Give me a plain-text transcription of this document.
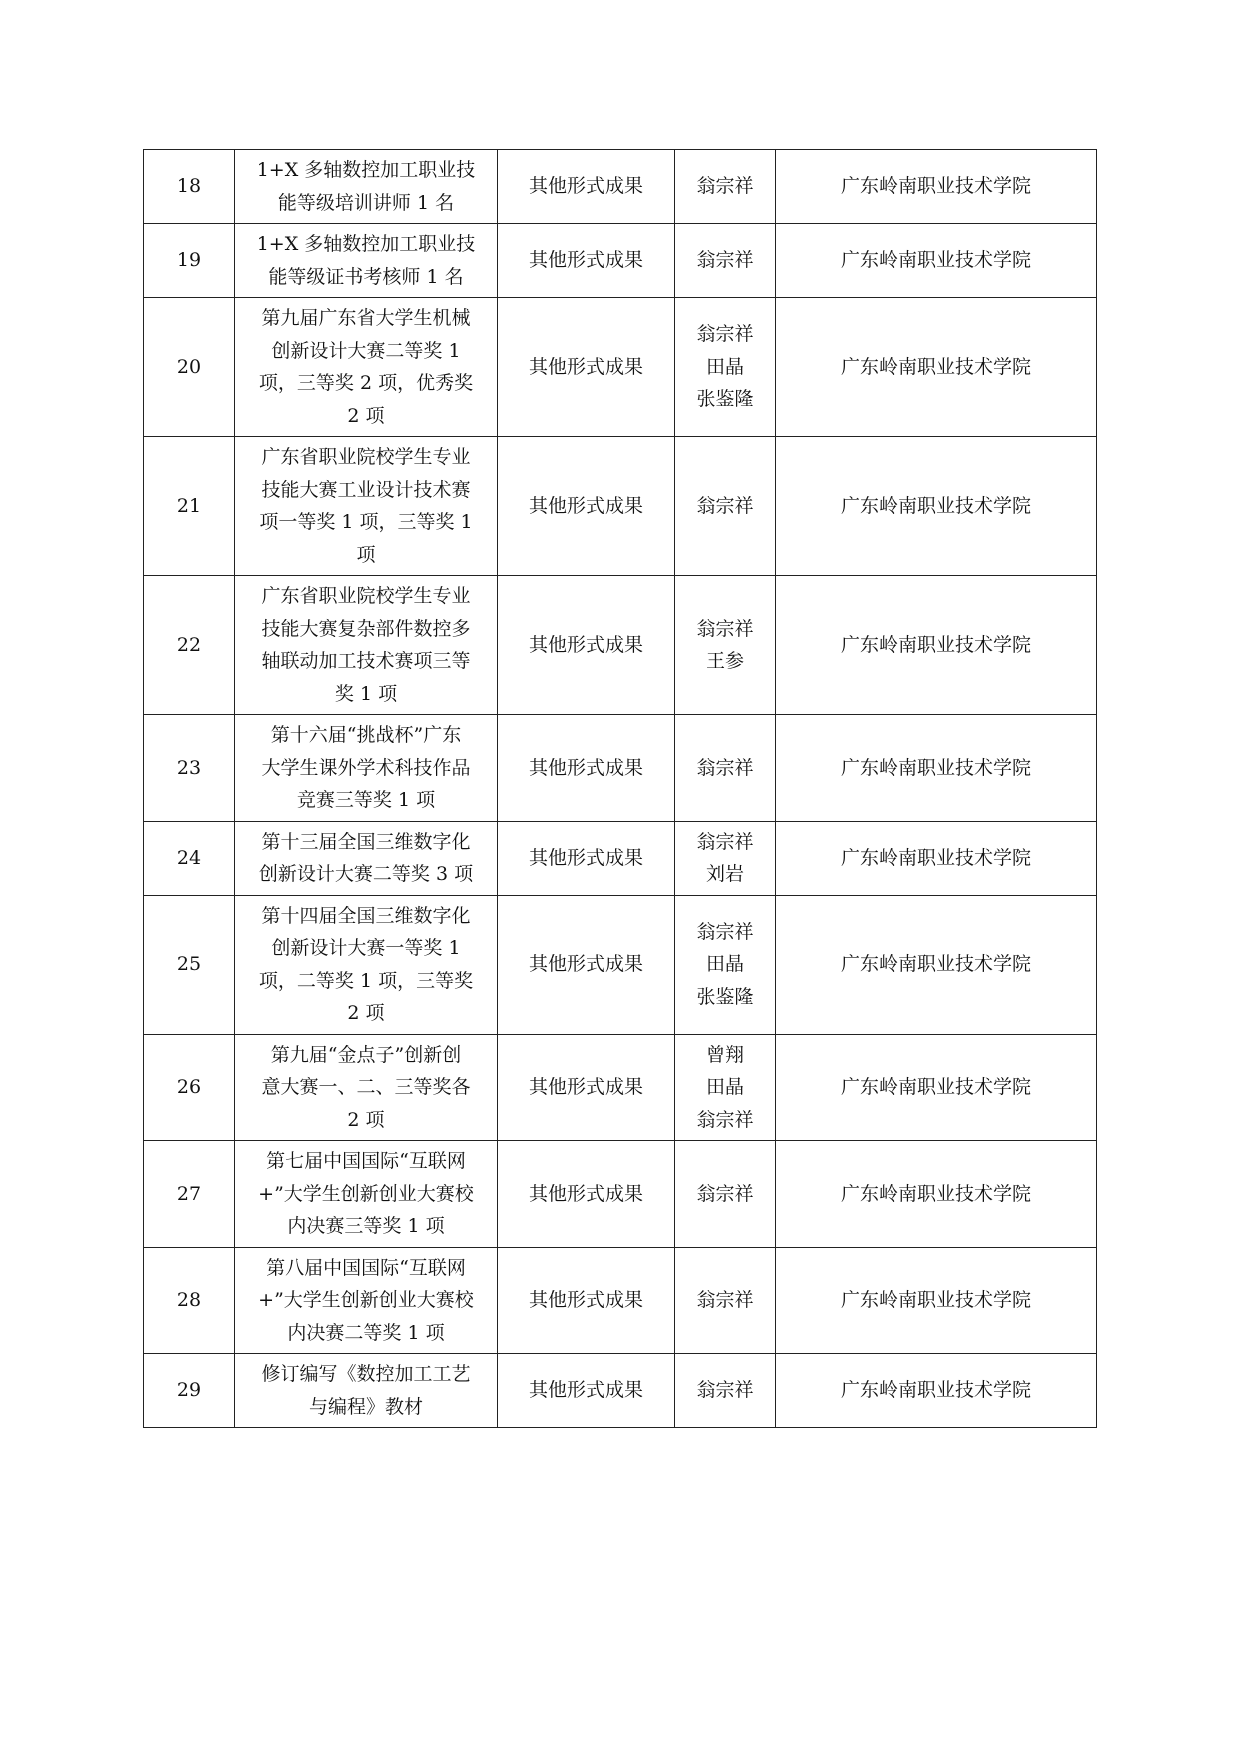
18	1+X 多轴数控加工职业技
能等级培训讲师 1 名	其他形式成果	翁宗祥	广东岭南职业技术学院
19	1+X 多轴数控加工职业技
能等级证书考核师 1 名	其他形式成果	翁宗祥	广东岭南职业技术学院
20	第九届广东省大学生机械
创新设计大赛二等奖 1
项，三等奖 2 项，优秀奖
2 项	其他形式成果	翁宗祥
田晶
张鉴隆	广东岭南职业技术学院
21	广东省职业院校学生专业
技能大赛工业设计技术赛
项一等奖 1 项，三等奖 1
项	其他形式成果	翁宗祥	广东岭南职业技术学院
22	广东省职业院校学生专业
技能大赛复杂部件数控多
轴联动加工技术赛项三等
奖 1 项	其他形式成果	翁宗祥
王参	广东岭南职业技术学院
23	第十六届“挑战杯”广东
大学生课外学术科技作品
竞赛三等奖 1 项	其他形式成果	翁宗祥	广东岭南职业技术学院
24	第十三届全国三维数字化
创新设计大赛二等奖 3 项	其他形式成果	翁宗祥
刘岩	广东岭南职业技术学院
25	第十四届全国三维数字化
创新设计大赛一等奖 1
项，二等奖 1 项，三等奖
2 项	其他形式成果	翁宗祥
田晶
张鉴隆	广东岭南职业技术学院
26	第九届“金点子”创新创
意大赛一、二、三等奖各
2 项	其他形式成果	曾翔
田晶
翁宗祥	广东岭南职业技术学院
27	第七届中国国际“互联网
+”大学生创新创业大赛校
内决赛三等奖 1 项	其他形式成果	翁宗祥	广东岭南职业技术学院
28	第八届中国国际“互联网
+”大学生创新创业大赛校
内决赛二等奖 1 项	其他形式成果	翁宗祥	广东岭南职业技术学院
29	修订编写《数控加工工艺
与编程》教材	其他形式成果	翁宗祥	广东岭南职业技术学院
